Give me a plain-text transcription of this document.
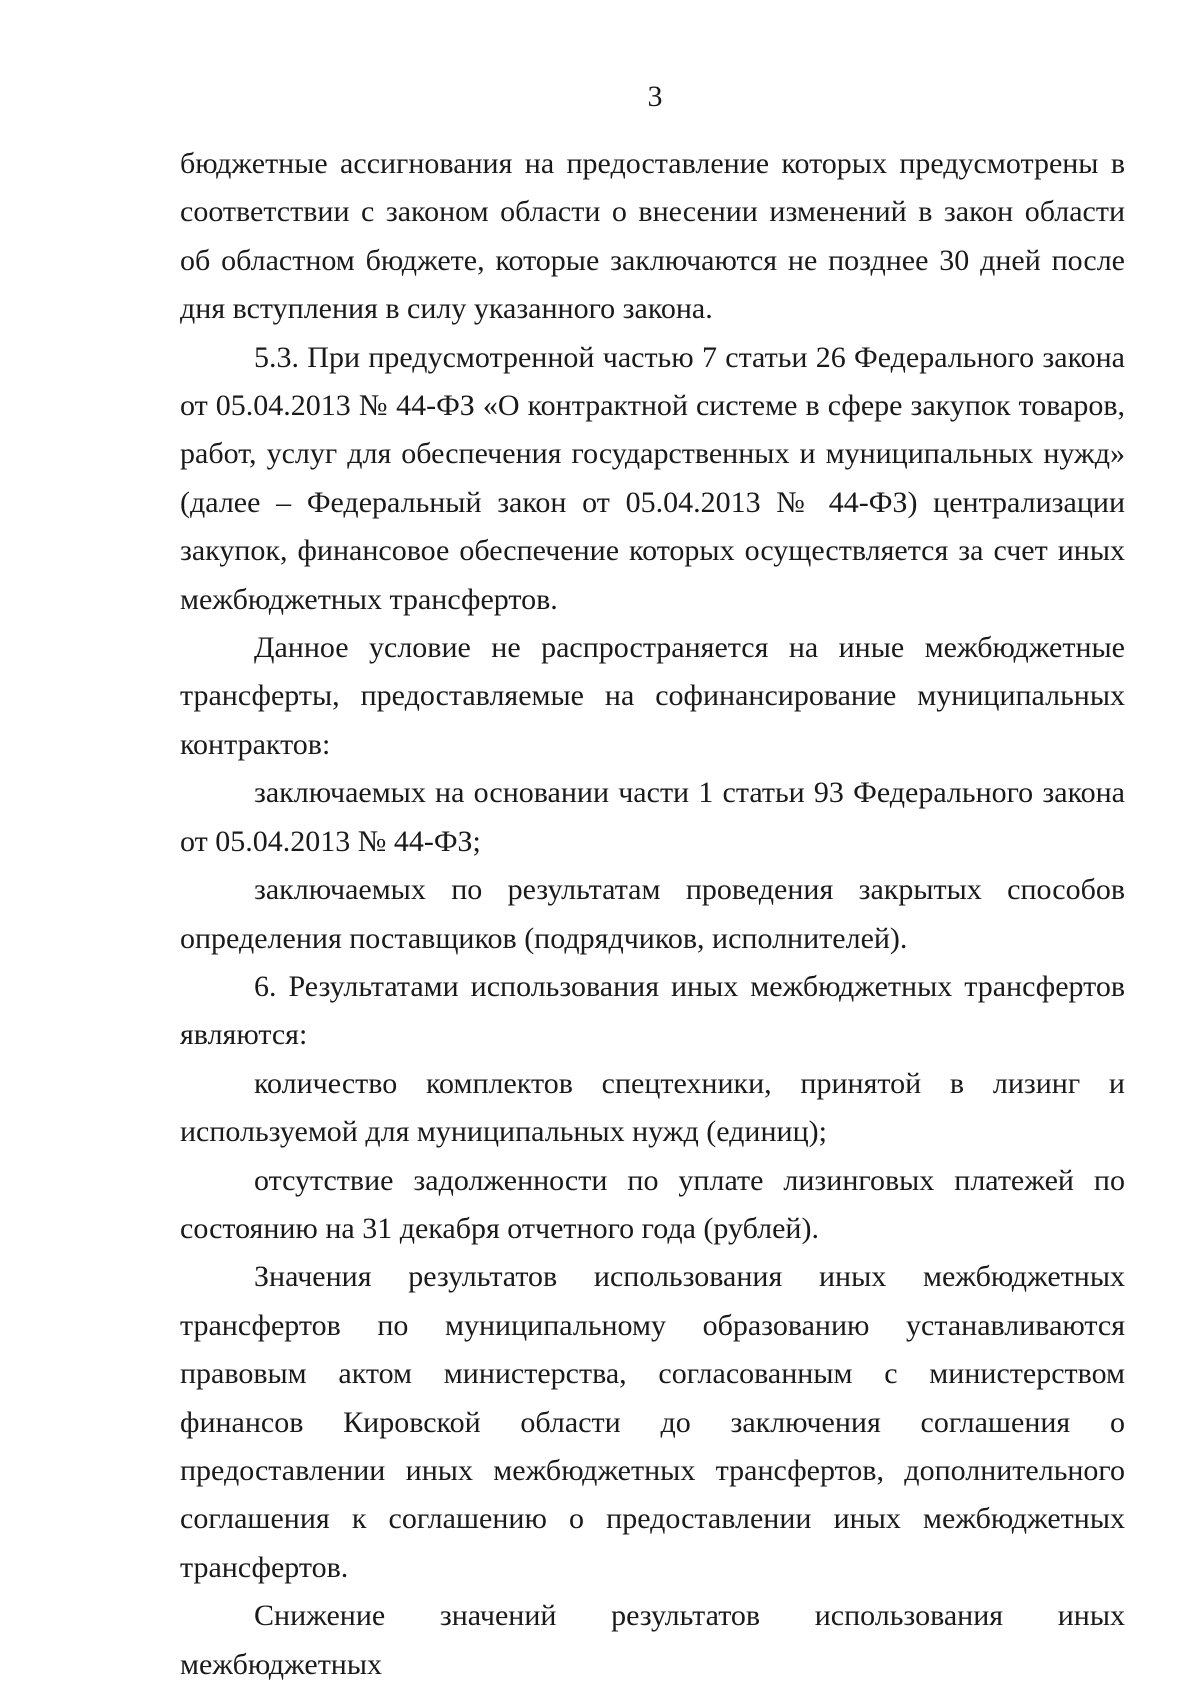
3

бюджетные ассигнования на предоставление которых предусмотрены в соответствии с законом области о внесении изменений в закон области об областном бюджете, которые заключаются не позднее 30 дней после дня вступления в силу указанного закона.

5.3. При предусмотренной частью 7 статьи 26 Федерального закона от 05.04.2013 № 44-ФЗ «О контрактной системе в сфере закупок товаров, работ, услуг для обеспечения государственных и муниципальных нужд» (далее – Федеральный закон от 05.04.2013 № 44-ФЗ) централизации закупок, финансовое обеспечение которых осуществляется за счет иных межбюджетных трансфертов.

Данное условие не распространяется на иные межбюджетные трансферты, предоставляемые на софинансирование муниципальных контрактов:

заключаемых на основании части 1 статьи 93 Федерального закона от 05.04.2013 № 44-ФЗ;

заключаемых по результатам проведения закрытых способов определения поставщиков (подрядчиков, исполнителей).

6. Результатами использования иных межбюджетных трансфертов являются:

количество комплектов спецтехники, принятой в лизинг и используемой для муниципальных нужд (единиц);

отсутствие задолженности по уплате лизинговых платежей по состоянию на 31 декабря отчетного года (рублей).

Значения результатов использования иных межбюджетных трансфертов по муниципальному образованию устанавливаются правовым актом министерства, согласованным с министерством финансов Кировской области до заключения соглашения о предоставлении иных межбюджетных трансфертов, дополнительного соглашения к соглашению о предоставлении иных межбюджетных трансфертов.

Снижение значений результатов использования иных межбюджетных
